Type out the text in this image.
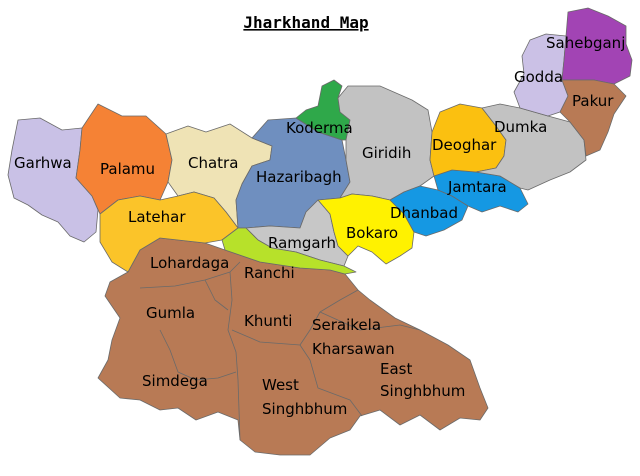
Jharkhand Map
Garhwa Palamu Chatra
Latehar
Koderma
Hazaribagh
Giridih
Ramgarh
Bokaro
Dhanbad
Jamtara
Deoghar
Dumka
Godda
Sahebganj
Pakur
Lohardaga
Ranchi
Gumla	Khunti Seraikela
Kharsawan
Simdega	West
Singhbhum
East
Singhbhum
